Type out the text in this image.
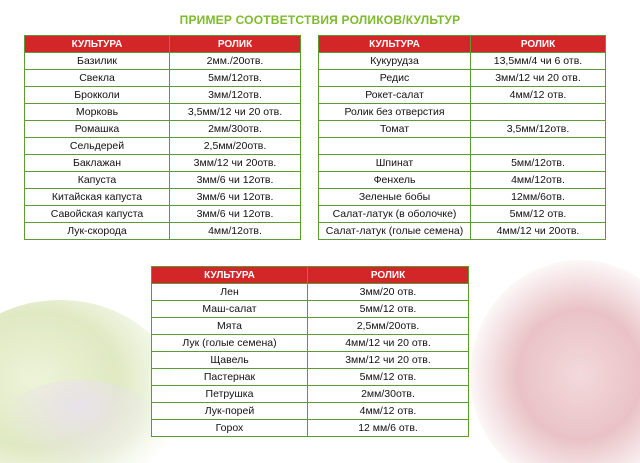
ПРИМЕР СООТВЕТСТВИЯ РОЛИКОВ/КУЛЬТУР
КУЛЬТУРА	РОЛИК
Базилик	2мм./20отв.
Свекла	5мм/12отв.
Брокколи	3мм/12отв.
Морковь	3,5мм/12 чи 20 отв.
Ромашка	2мм/30отв.
Сельдерей	2,5мм/20отв.
Баклажан	3мм/12 чи 20отв.
Капуста	3мм/6 чи 12отв.
Китайская капуста	3мм/6 чи 12отв.
Савойская капуста	3мм/6 чи 12отв.
Лук-скорода	4мм/12отв.
КУЛЬТУРА	РОЛИК
Кукурудза	13,5мм/4 чи 6 отв.
Редис	3мм/12 чи 20 отв.
Рокет-салат	4мм/12 отв.
Ролик без отверстия	
Томат	3,5мм/12отв.

Шпинат	5мм/12отв.
Фенхель	4мм/12отв.
Зеленые бобы	12мм/6отв.
Салат-латук (в оболочке)	5мм/12 отв.
Салат-латук (голые семена)	4мм/12 чи 20отв.
КУЛЬТУРА	РОЛИК
Лен	3мм/20 отв.
Маш-салат	5мм/12 отв.
Мята	2,5мм/20отв.
Лук (голые семена)	4мм/12 чи 20 отв.
Щавель	3мм/12 чи 20 отв.
Пастернак	5мм/12 отв.
Петрушка	2мм/30отв.
Лук-порей	4мм/12 отв.
Горох	12 мм/6 отв.
